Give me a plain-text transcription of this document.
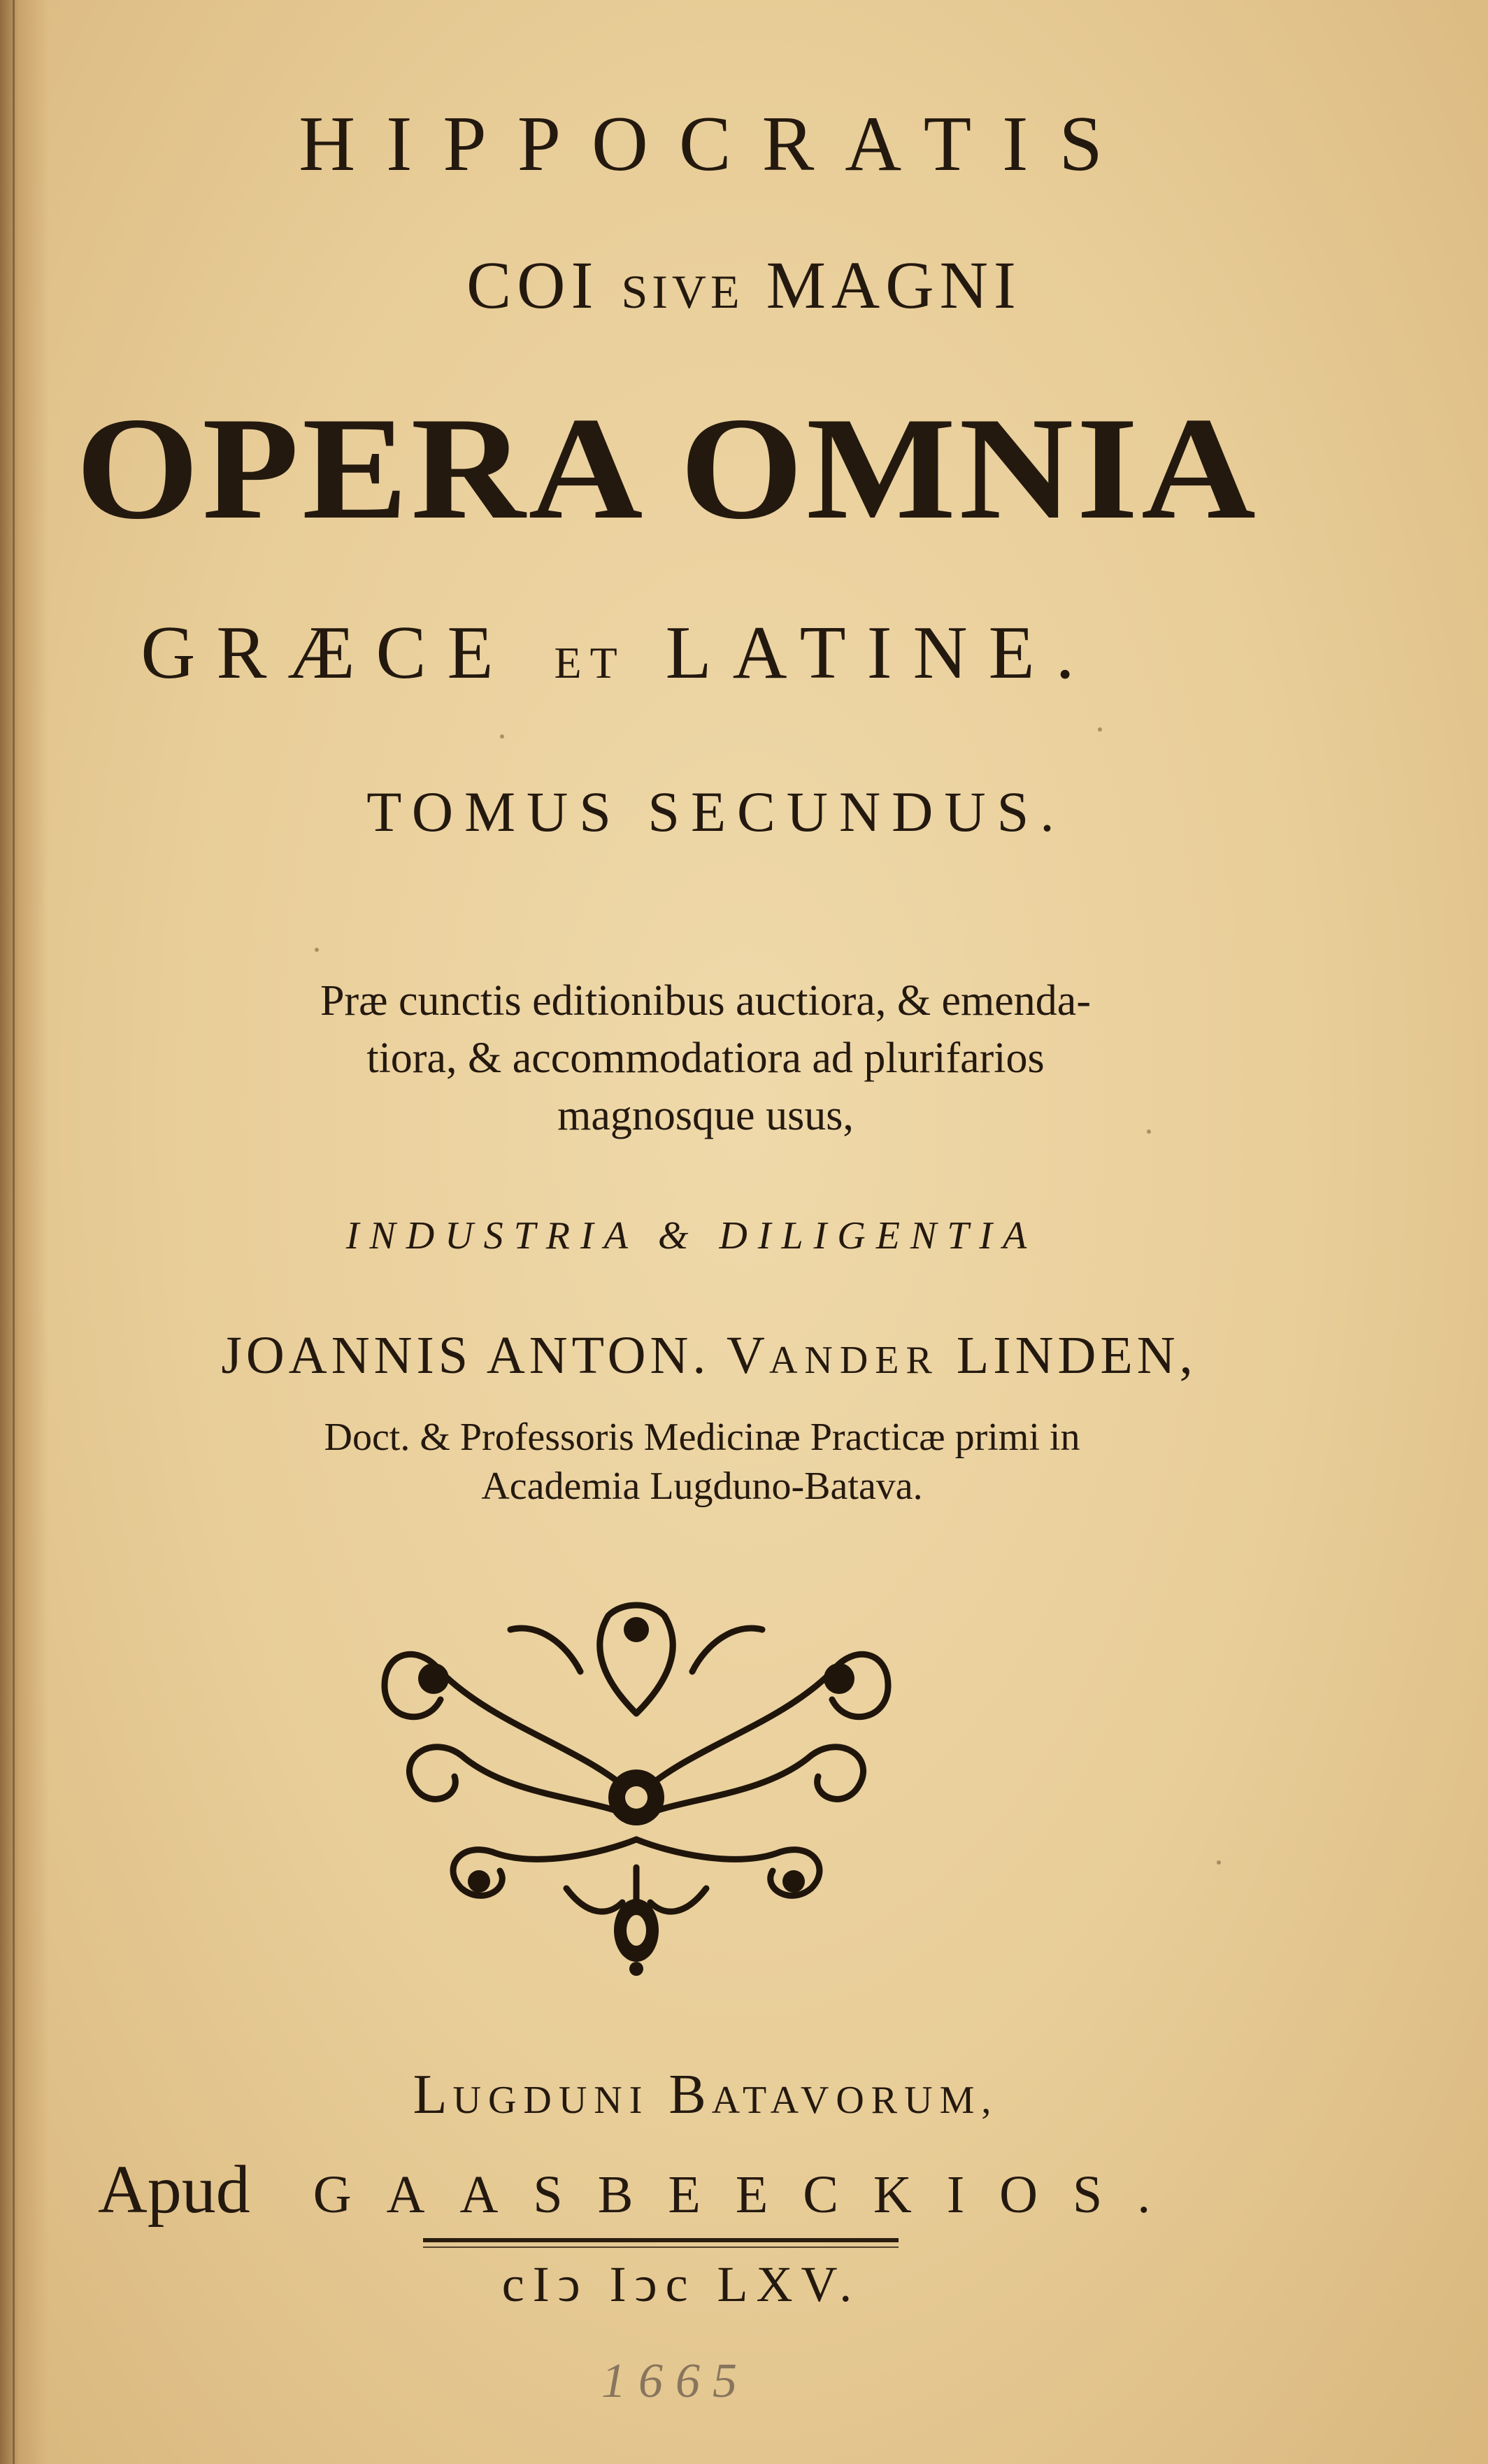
HIPPOCRATIS
COI SIVE MAGNI
OPERA OMNIA
GRÆCE ET LATINE.
TOMUS SECUNDUS.
Præ cunctis editionibus auctiora, & emenda-
tiora, & accommodatiora ad plurifarios
magnosque usus,
INDUSTRIA & DILIGENTIA
JOANNIS ANTON. VANDER LINDEN,
Doct. & Professoris Medicinæ Practicæ primi in
Academia Lugduno-Batava.
LUGDUNI BATAVORUM,
Apud GAASBEECKIOS.
cIↄ Iↄc LXV.
1665
